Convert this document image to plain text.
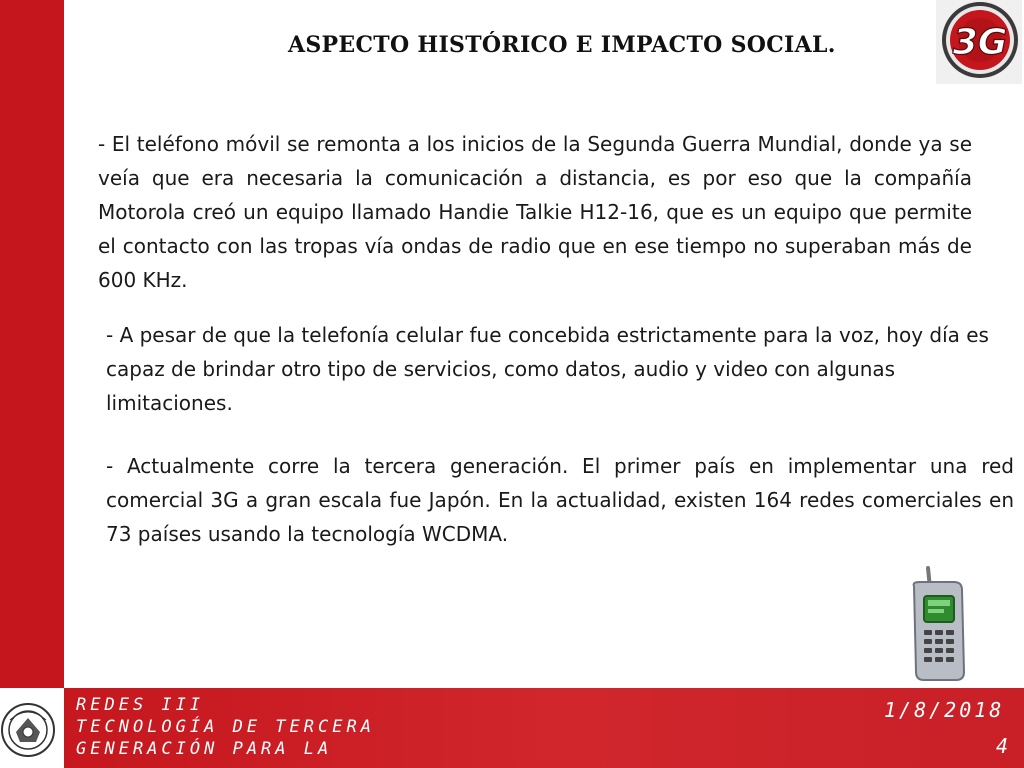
ASPECTO HISTÓRICO E IMPACTO SOCIAL.	3G

- El teléfono móvil se remonta a los inicios de la Segunda Guerra Mundial, donde ya se veía que era necesaria la comunicación a distancia, es por eso que la compañía Motorola creó un equipo llamado Handie Talkie H12-16, que es un equipo que permite el contacto con las tropas vía ondas de radio que en ese tiempo no superaban más de 600 KHz.

- A pesar de que la telefonía celular fue concebida estrictamente para la voz, hoy día es capaz de brindar otro tipo de servicios, como datos, audio y video con algunas limitaciones.

- Actualmente corre la tercera generación. El primer país en implementar una red comercial 3G a gran escala fue Japón. En la actualidad, existen 164 redes comerciales en 73 países usando la tecnología WCDMA.

REDES III
TECNOLOGÍA DE TERCERA
GENERACIÓN PARA LA
1/8/2018
4
